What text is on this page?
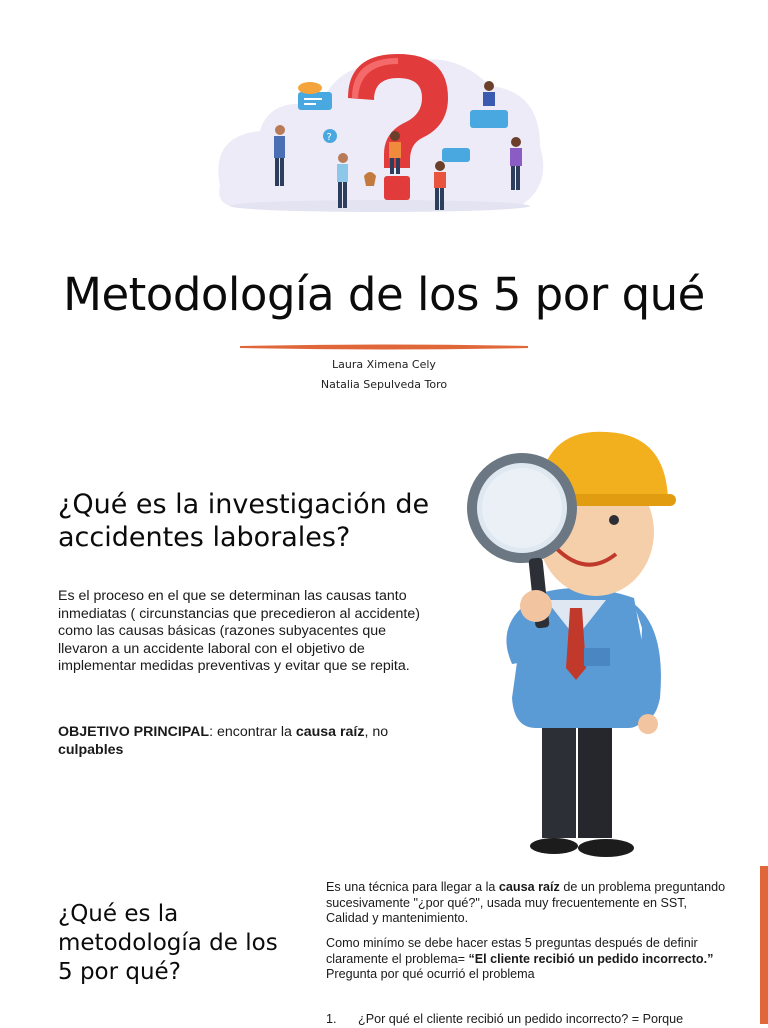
?
Metodología de los 5 por qué
Laura Ximena Cely
Natalia Sepulveda Toro
¿Qué es la investigación de accidentes laborales?
Es el proceso en el que se determinan las causas tanto inmediatas ( circunstancias que precedieron al accidente) como las causas básicas (razones subyacentes que llevaron a un accidente laboral con el objetivo de implementar medidas preventivas y evitar que se repita.
OBJETIVO PRINCIPAL: encontrar la causa raíz, no culpables
¿Qué es la metodología de los 5 por qué?
Es una técnica para llegar a la causa raíz de un problema preguntando sucesivamente "¿por qué?", usada muy frecuentemente en SST, Calidad y mantenimiento.
Como minímo se debe hacer estas 5 preguntas después de definir claramente el problema= “El cliente recibió un pedido incorrecto.” Pregunta por qué ocurrió el problema
1. ¿Por qué el cliente recibió un pedido incorrecto? = Porque
